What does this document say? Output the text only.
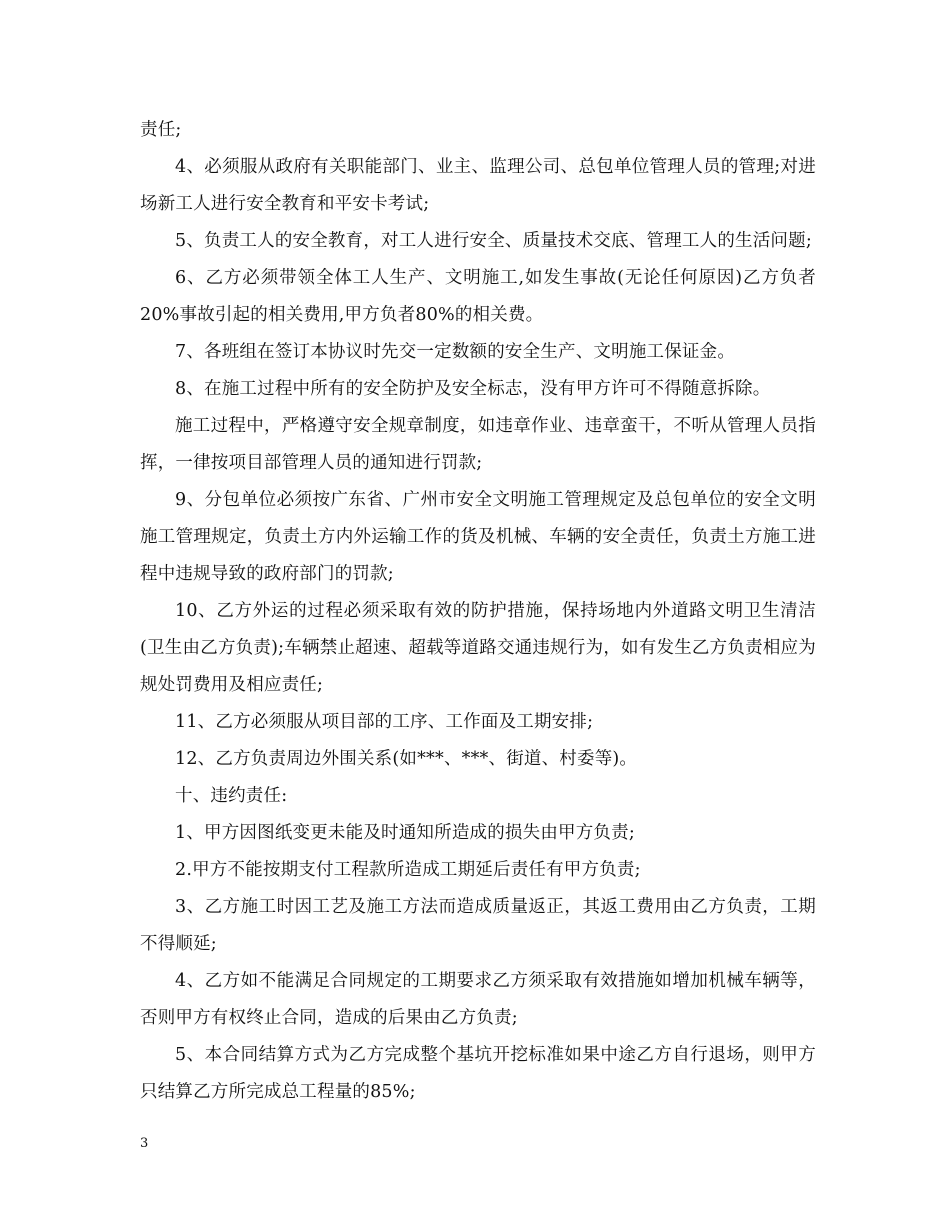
责任;

4、必须服从政府有关职能部门、业主、监理公司、总包单位管理人员的管理;对进场新工人进行安全教育和平安卡考试;

5、负责工人的安全教育，对工人进行安全、质量技术交底、管理工人的生活问题;

6、乙方必须带领全体工人生产、文明施工,如发生事故(无论任何原因)乙方负者20%事故引起的相关费用,甲方负者80%的相关费。

7、各班组在签订本协议时先交一定数额的安全生产、文明施工保证金。

8、在施工过程中所有的安全防护及安全标志，没有甲方许可不得随意拆除。

施工过程中，严格遵守安全规章制度，如违章作业、违章蛮干，不听从管理人员指挥，一律按项目部管理人员的通知进行罚款;

9、分包单位必须按广东省、广州市安全文明施工管理规定及总包单位的安全文明施工管理规定，负责土方内外运输工作的货及机械、车辆的安全责任，负责土方施工进程中违规导致的政府部门的罚款;

10、乙方外运的过程必须采取有效的防护措施，保持场地内外道路文明卫生清洁(卫生由乙方负责);车辆禁止超速、超载等道路交通违规行为，如有发生乙方负责相应为规处罚费用及相应责任;

11、乙方必须服从项目部的工序、工作面及工期安排;

12、乙方负责周边外围关系(如***、***、街道、村委等)。

十、违约责任:

1、甲方因图纸变更未能及时通知所造成的损失由甲方负责;

2.甲方不能按期支付工程款所造成工期延后责任有甲方负责;

3、乙方施工时因工艺及施工方法而造成质量返正，其返工费用由乙方负责，工期不得顺延;

4、乙方如不能满足合同规定的工期要求乙方须采取有效措施如增加机械车辆等，否则甲方有权终止合同，造成的后果由乙方负责;

5、本合同结算方式为乙方完成整个基坑开挖标准如果中途乙方自行退场，则甲方只结算乙方所完成总工程量的85%;

3
